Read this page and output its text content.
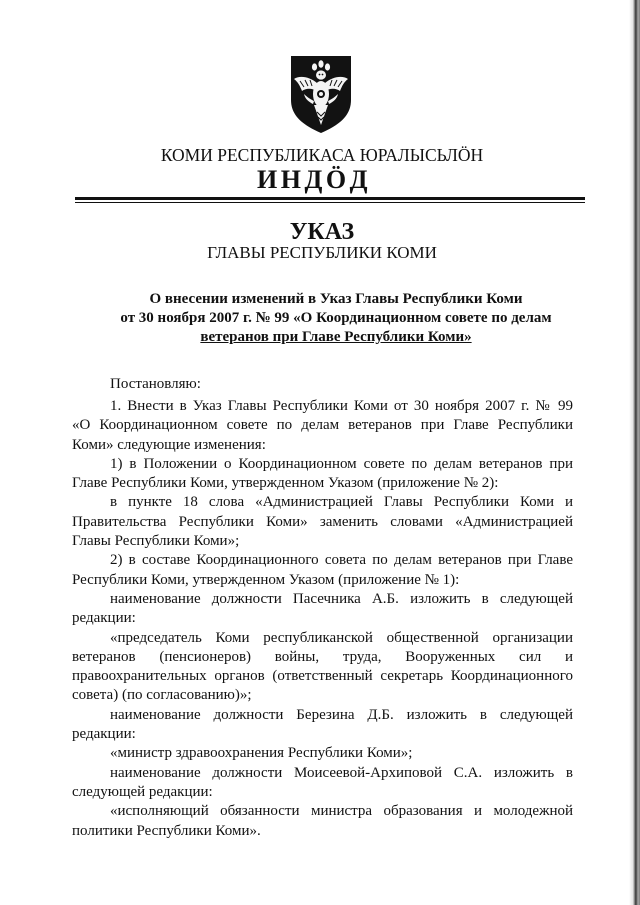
КОМИ РЕСПУБЛИКАСА ЮРАЛЫСЬЛÖН
ИНДÖД
УКАЗ
ГЛАВЫ РЕСПУБЛИКИ КОМИ
О внесении изменений в Указ Главы Республики Коми
от 30 ноября 2007 г. № 99 «О Координационном совете по делам
ветеранов при Главе Республики Коми»
Постановляю:
1. Внести в Указ Главы Республики Коми от 30 ноября 2007 г. № 99
«О Координационном совете по делам ветеранов при Главе Республики
Коми» следующие изменения:
1) в Положении о Координационном совете по делам ветеранов при
Главе Республики Коми, утвержденном Указом (приложение № 2):
в пункте 18 слова «Администрацией Главы Республики Коми и
Правительства Республики Коми» заменить словами «Администрацией
Главы Республики Коми»;
2) в составе Координационного совета по делам ветеранов при Главе
Республики Коми, утвержденном Указом (приложение № 1):
наименование должности Пасечника А.Б. изложить в следующей
редакции:
«председатель Коми республиканской общественной организации
ветеранов (пенсионеров) войны, труда, Вооруженных сил и
правоохранительных органов (ответственный секретарь Координационного
совета) (по согласованию)»;
наименование должности Березина Д.Б. изложить в следующей
редакции:
«министр здравоохранения Республики Коми»;
наименование должности Моисеевой-Архиповой С.А. изложить в
следующей редакции:
«исполняющий обязанности министра образования и молодежной
политики Республики Коми».
